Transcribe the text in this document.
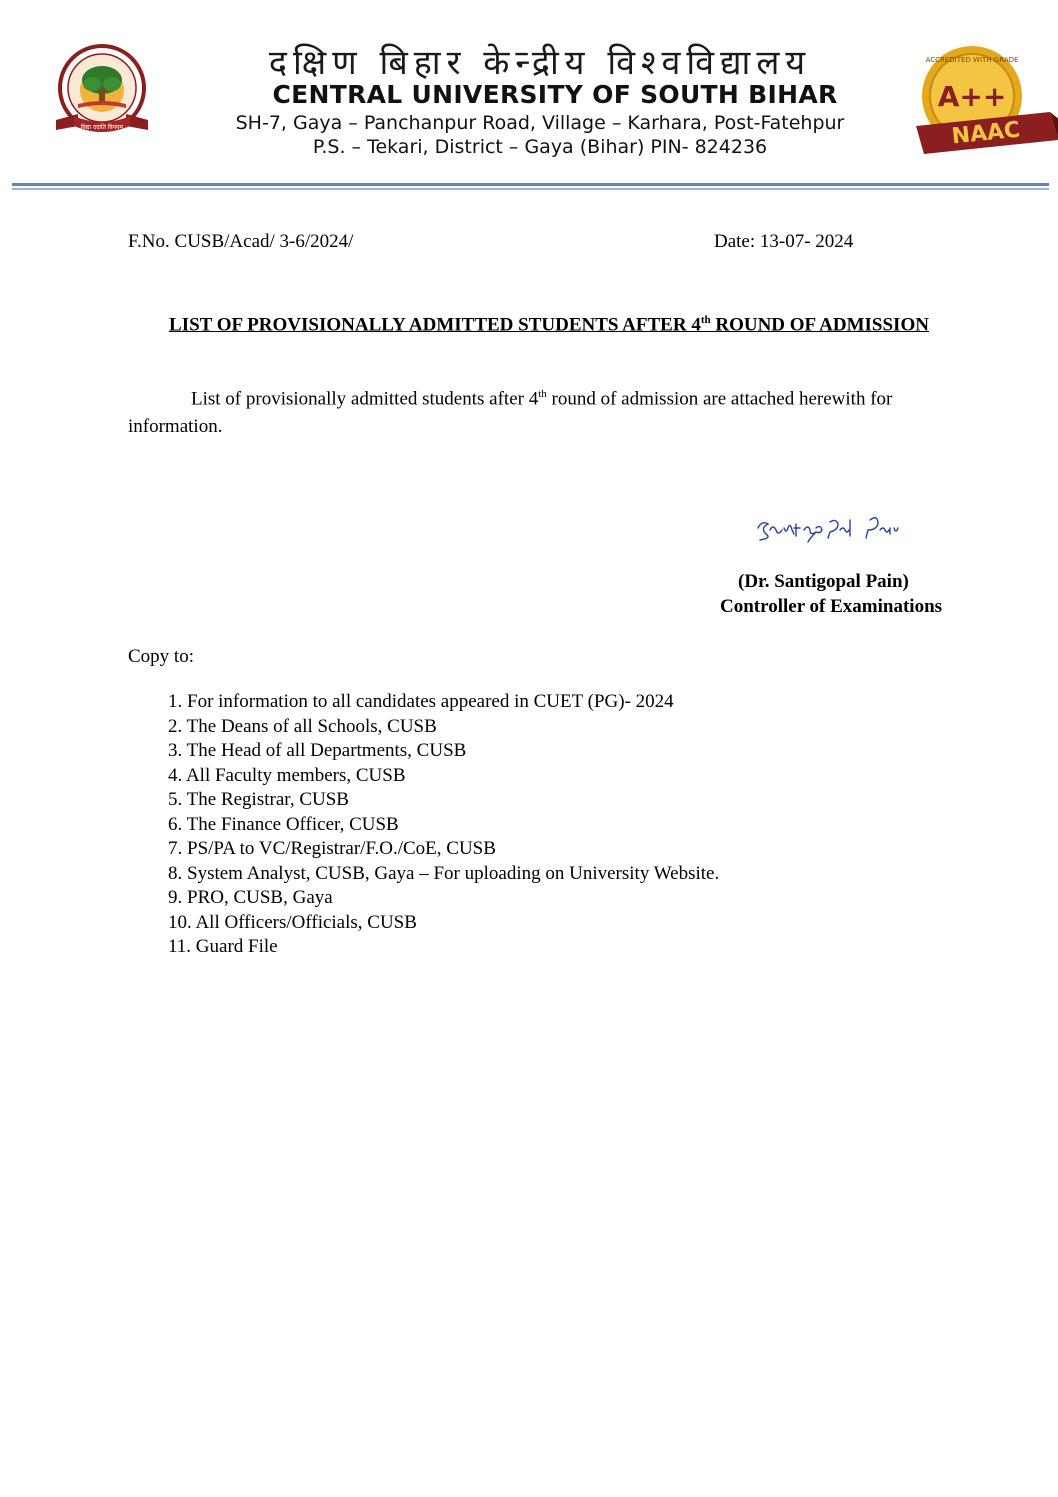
विद्या ददाति विनयम्
दक्षिण बिहार केन्द्रीय विश्वविद्यालय
CENTRAL UNIVERSITY OF SOUTH BIHAR
SH-7, Gaya – Panchanpur Road, Village – Karhara, Post-Fatehpur
P.S. – Tekari, District – Gaya (Bihar) PIN- 824236
ACCREDITED WITH GRADE
A++
NAAC
F.No. CUSB/Acad/ 3-6/2024/	Date: 13-07- 2024
LIST OF PROVISIONALLY ADMITTED STUDENTS AFTER 4th ROUND OF ADMISSION
List of provisionally admitted students after 4th round of admission are attached herewith for information.
(Dr. Santigopal Pain)
Controller of Examinations
Copy to:
1. For information to all candidates appeared in CUET (PG)- 2024
2. The Deans of all Schools, CUSB
3. The Head of all Departments, CUSB
4. All Faculty members, CUSB
5. The Registrar, CUSB
6. The Finance Officer, CUSB
7. PS/PA to VC/Registrar/F.O./CoE, CUSB
8. System Analyst, CUSB, Gaya – For uploading on University Website.
9. PRO, CUSB, Gaya
10. All Officers/Officials, CUSB
11. Guard File
